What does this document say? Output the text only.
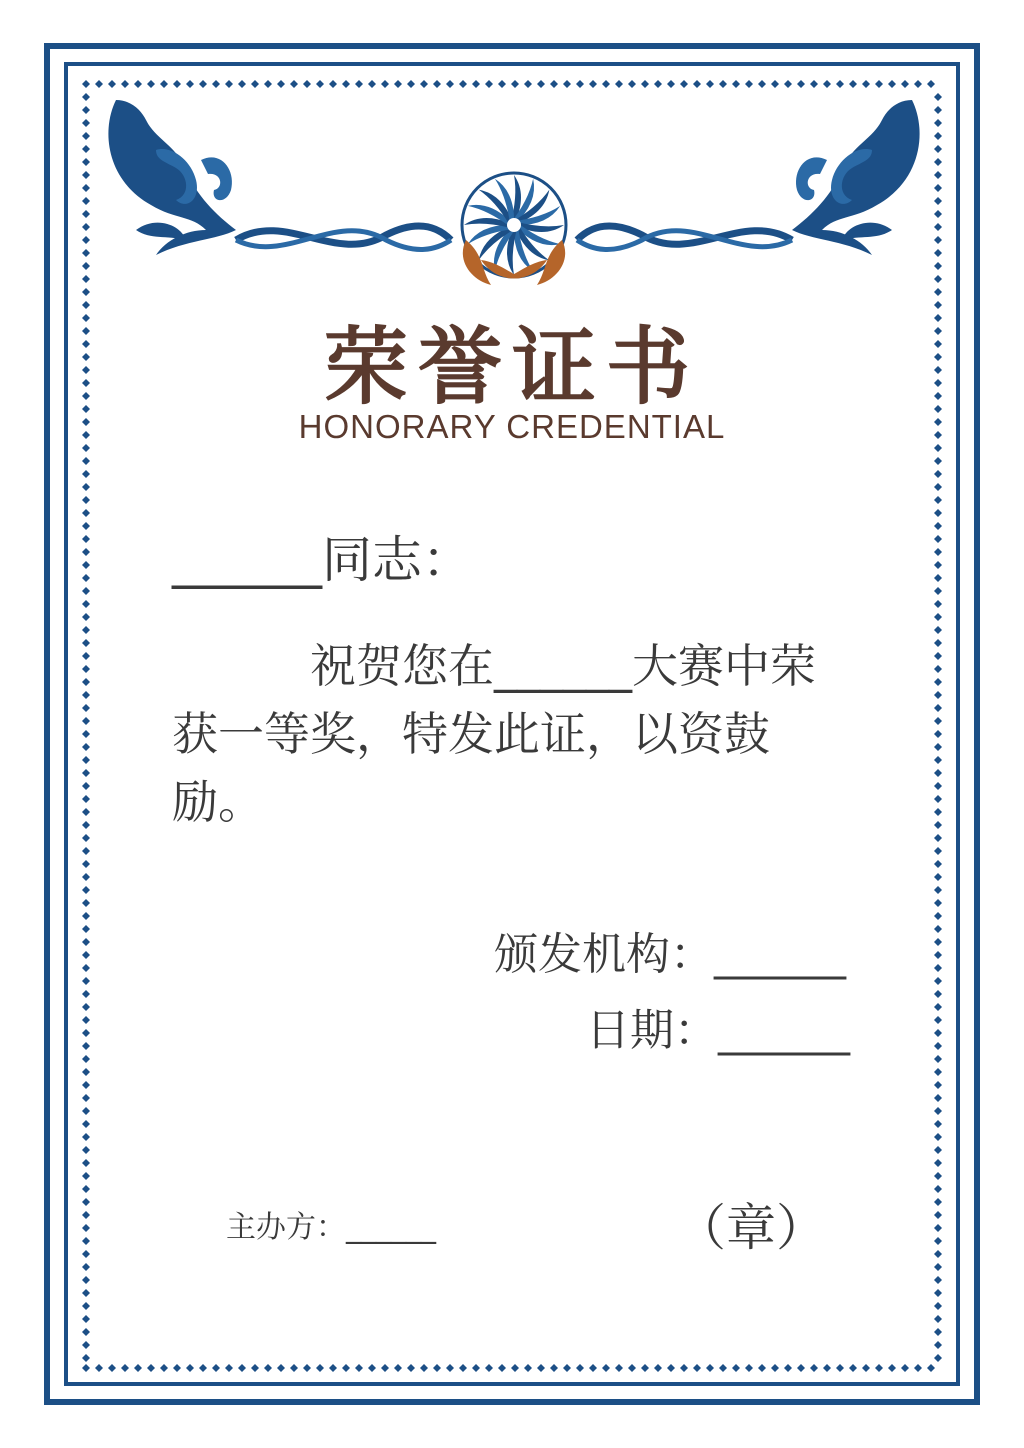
荣誉证书
HONORARY CREDENTIAL
______同志：
　　　祝贺您在______大赛中荣获一等奖，特发此证，以资鼓励。
颁发机构：______
日期：______
主办方：______	（章）
